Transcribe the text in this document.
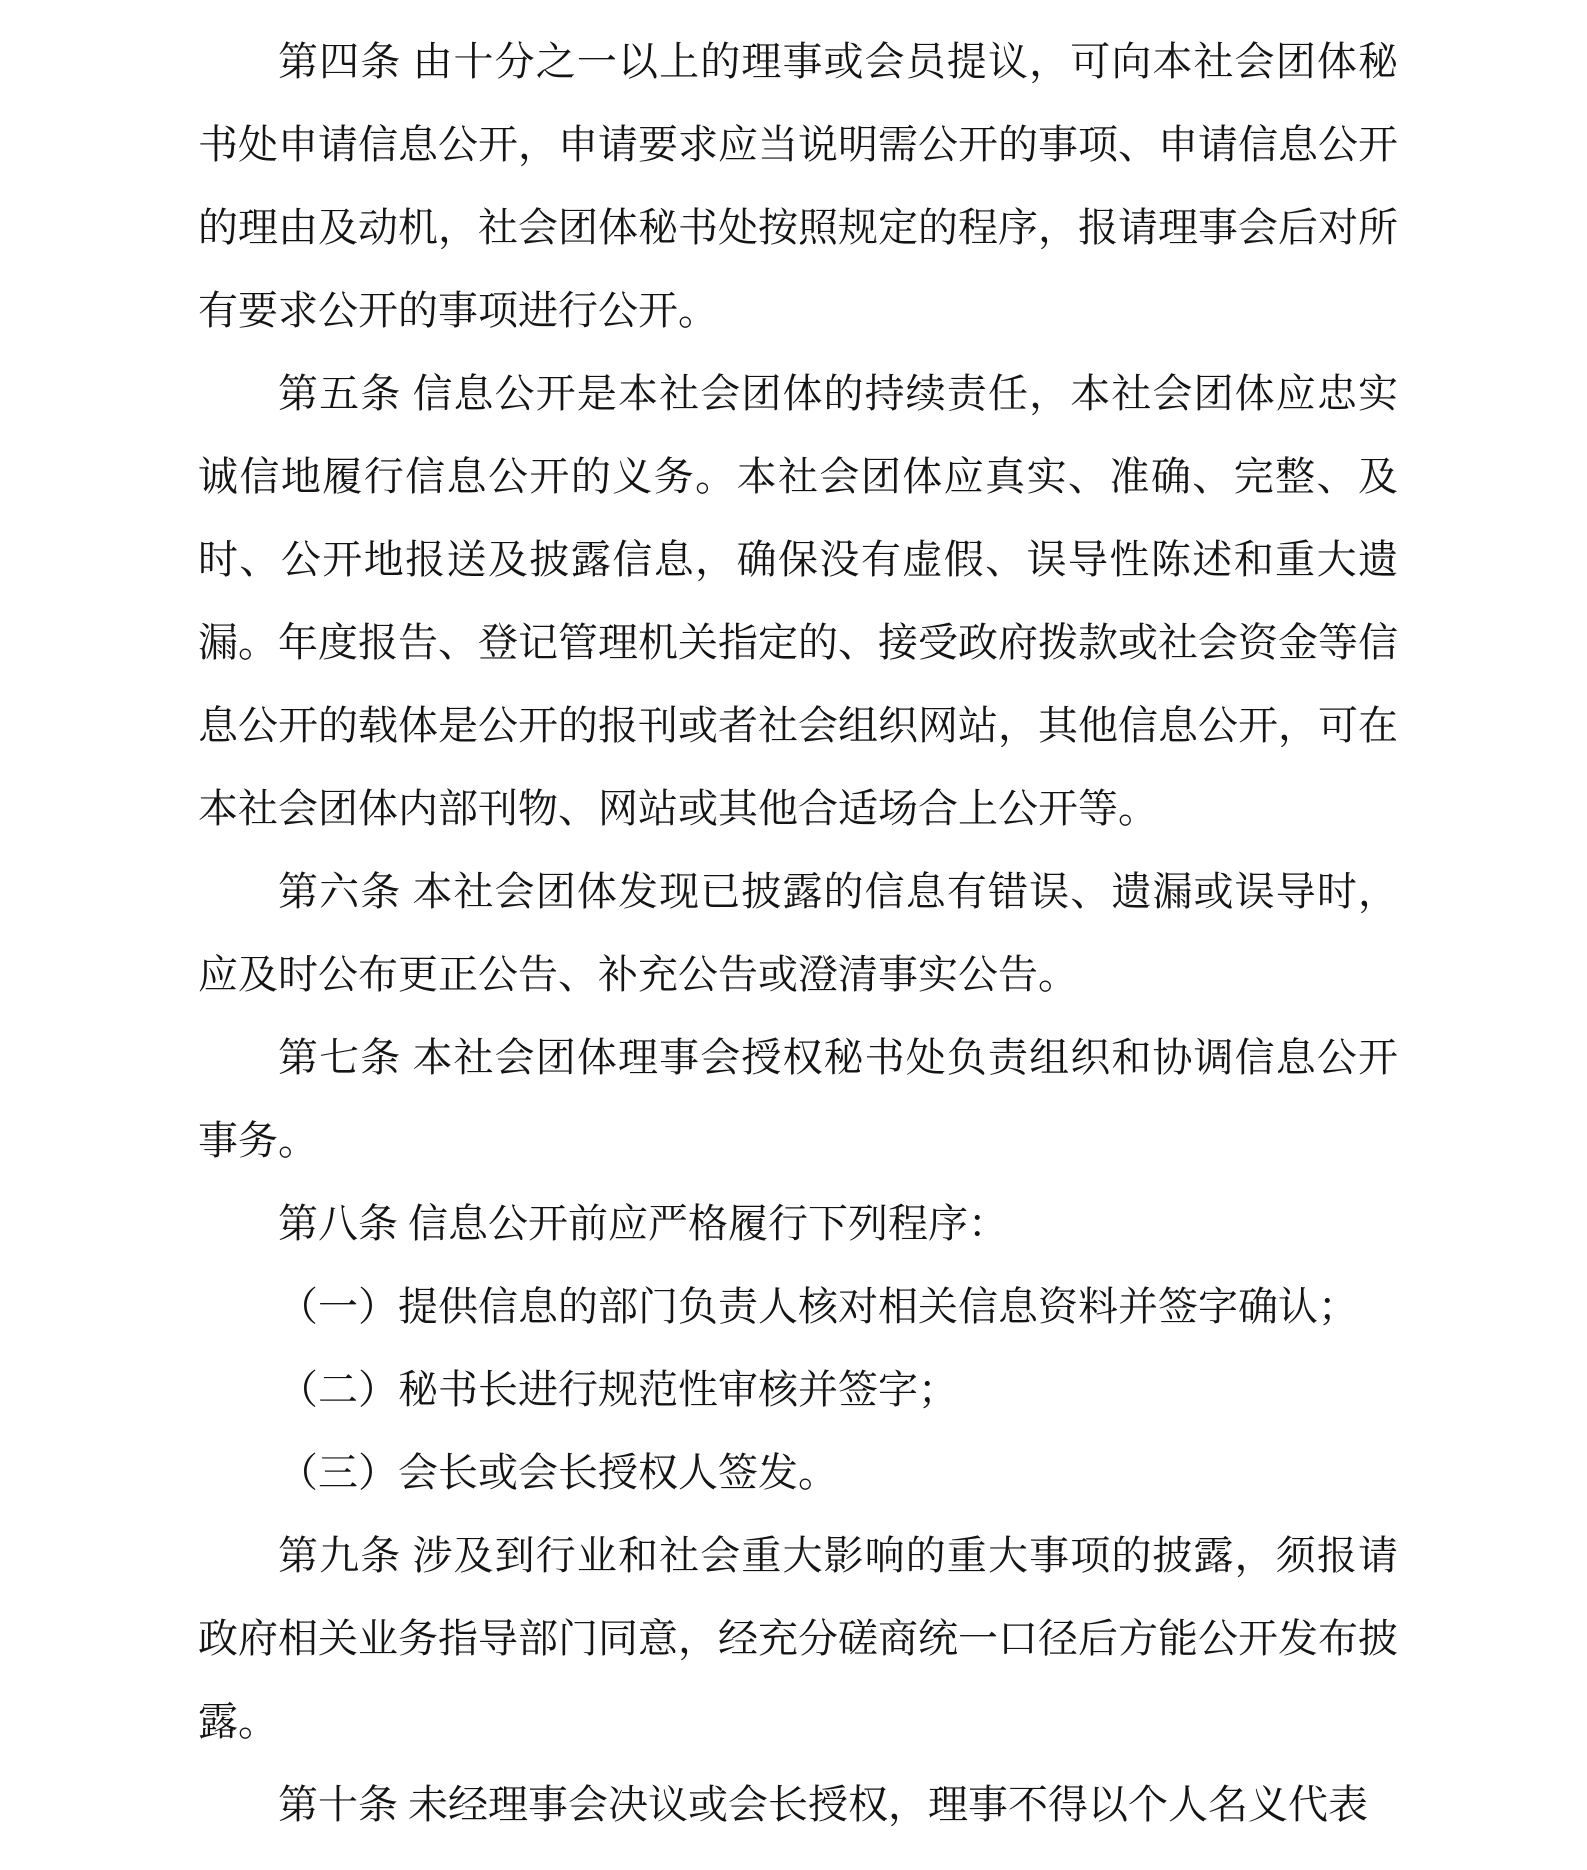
第四条 由十分之一以上的理事或会员提议，可向本社会团体秘书处申请信息公开，申请要求应当说明需公开的事项、申请信息公开的理由及动机，社会团体秘书处按照规定的程序，报请理事会后对所有要求公开的事项进行公开。

第五条 信息公开是本社会团体的持续责任，本社会团体应忠实诚信地履行信息公开的义务。本社会团体应真实、准确、完整、及时、公开地报送及披露信息，确保没有虚假、误导性陈述和重大遗漏。年度报告、登记管理机关指定的、接受政府拨款或社会资金等信息公开的载体是公开的报刊或者社会组织网站，其他信息公开，可在本社会团体内部刊物、网站或其他合适场合上公开等。

第六条 本社会团体发现已披露的信息有错误、遗漏或误导时，应及时公布更正公告、补充公告或澄清事实公告。

第七条 本社会团体理事会授权秘书处负责组织和协调信息公开事务。

第八条 信息公开前应严格履行下列程序：

（一）提供信息的部门负责人核对相关信息资料并签字确认；

（二）秘书长进行规范性审核并签字；

（三）会长或会长授权人签发。

第九条 涉及到行业和社会重大影响的重大事项的披露，须报请政府相关业务指导部门同意，经充分磋商统一口径后方能公开发布披露。

第十条 未经理事会决议或会长授权，理事不得以个人名义代表
